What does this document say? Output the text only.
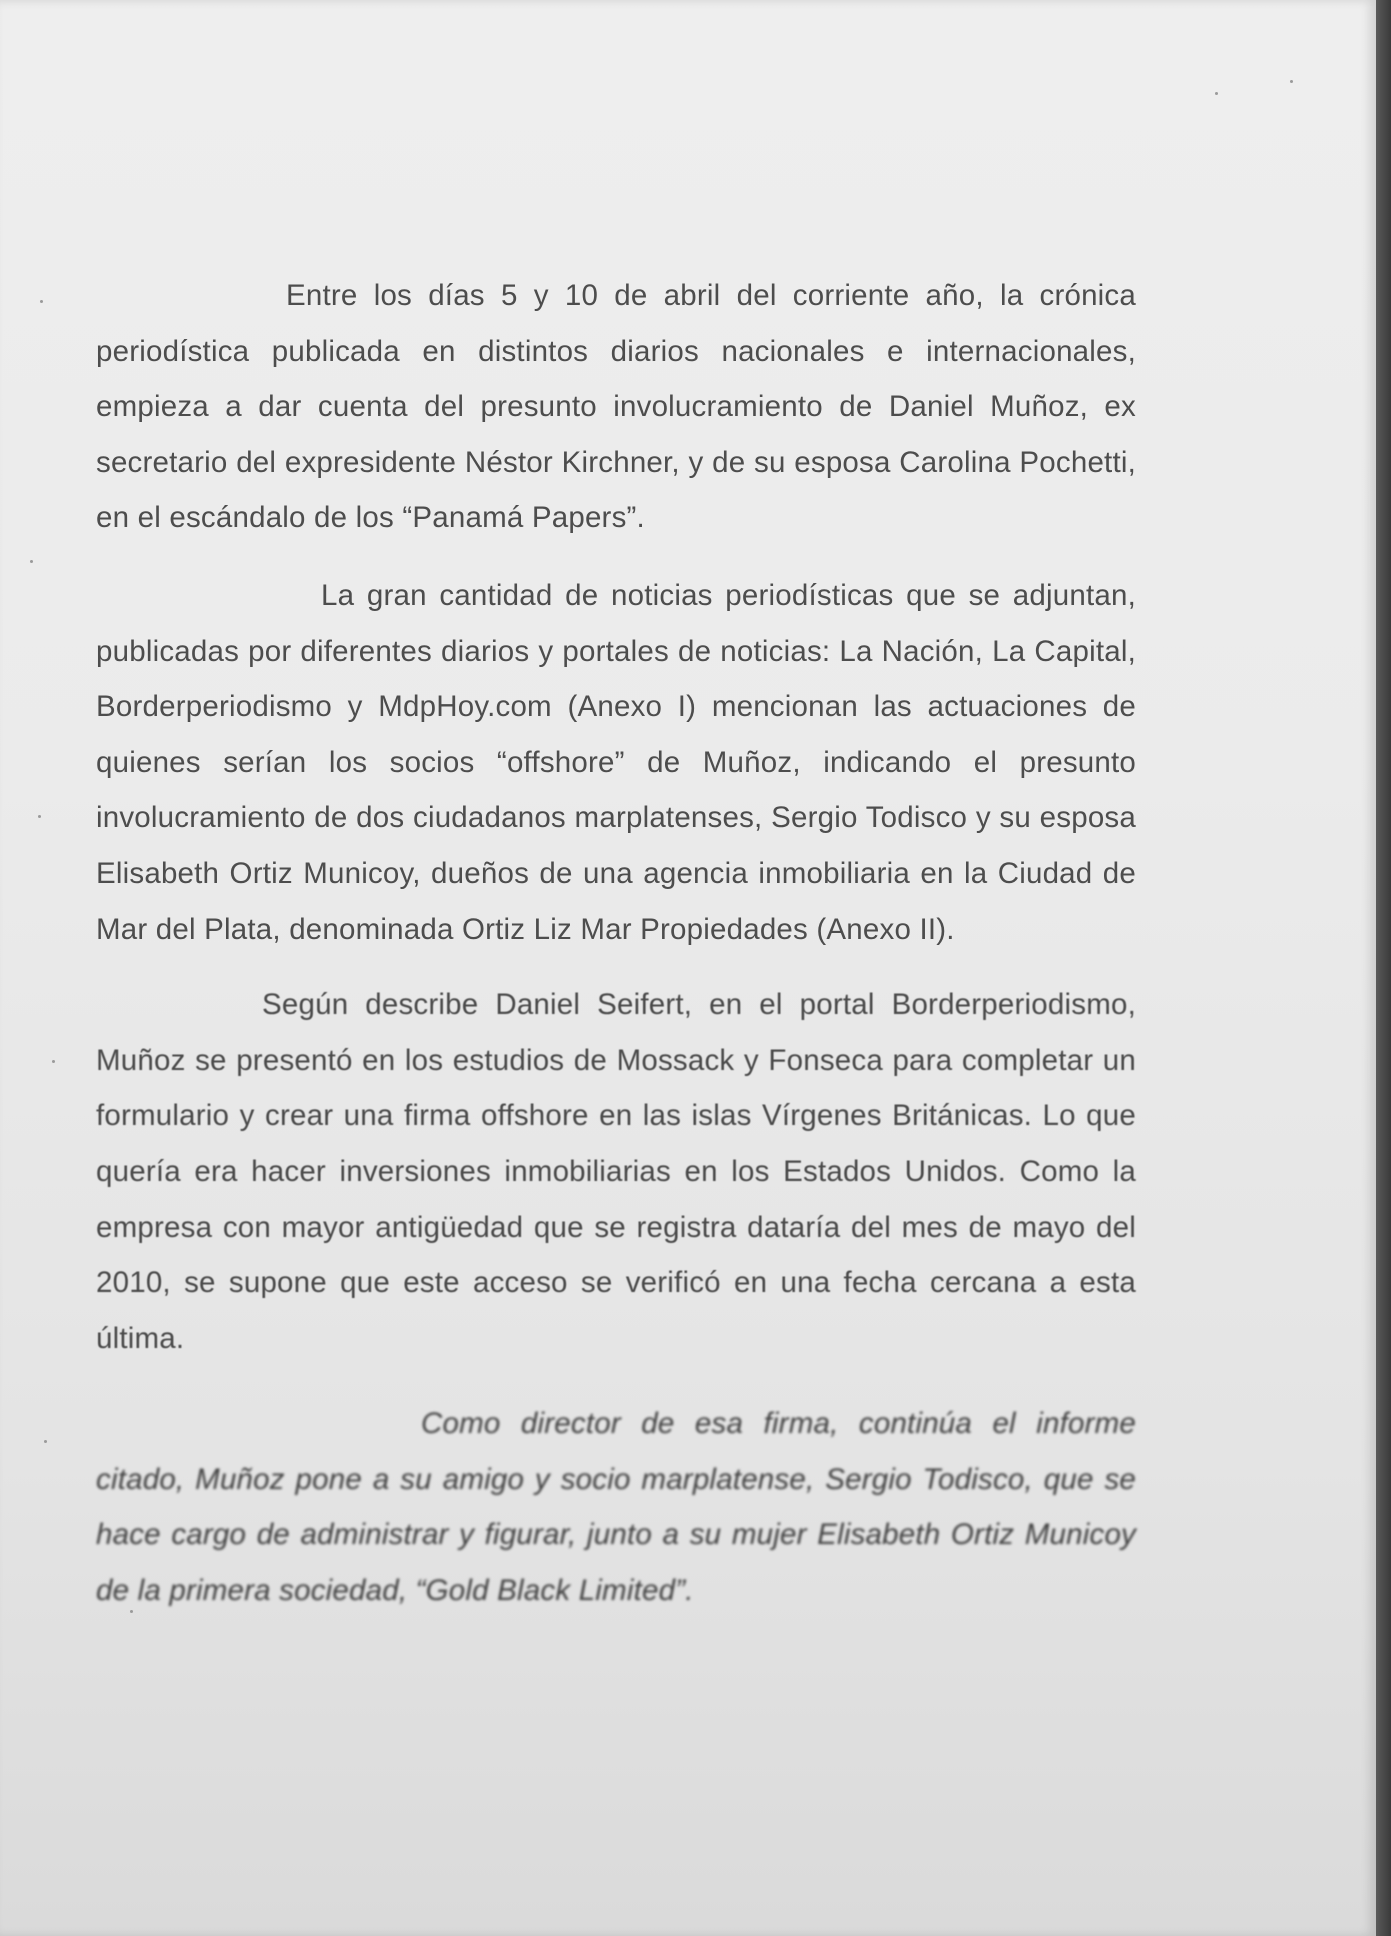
Entre los días 5 y 10 de abril del corriente año, la crónica periodística publicada en distintos diarios nacionales e internacionales, empieza a dar cuenta del presunto involucramiento de Daniel Muñoz, ex secretario del expresidente Néstor Kirchner, y de su esposa Carolina Pochetti, en el escándalo de los “Panamá Papers”.

La gran cantidad de noticias periodísticas que se adjuntan, publicadas por diferentes diarios y portales de noticias: La Nación, La Capital, Borderperiodismo y MdpHoy.com (Anexo I) mencionan las actuaciones de quienes serían los socios “offshore” de Muñoz, indicando el presunto involucramiento de dos ciudadanos marplatenses, Sergio Todisco y su esposa Elisabeth Ortiz Municoy, dueños de una agencia inmobiliaria en la Ciudad de Mar del Plata, denominada Ortiz Liz Mar Propiedades (Anexo II).

Según describe Daniel Seifert, en el portal Borderperiodismo, Muñoz se presentó en los estudios de Mossack y Fonseca para completar un formulario y crear una firma offshore en las islas Vírgenes Británicas. Lo que quería era hacer inversiones inmobiliarias en los Estados Unidos. Como la empresa con mayor antigüedad que se registra dataría del mes de mayo del 2010, se supone que este acceso se verificó en una fecha cercana a esta última.

Como director de esa firma, continúa el informe citado, Muñoz pone a su amigo y socio marplatense, Sergio Todisco, que se hace cargo de administrar y figurar, junto a su mujer Elisabeth Ortiz Municoy de la primera sociedad, “Gold Black Limited”.
